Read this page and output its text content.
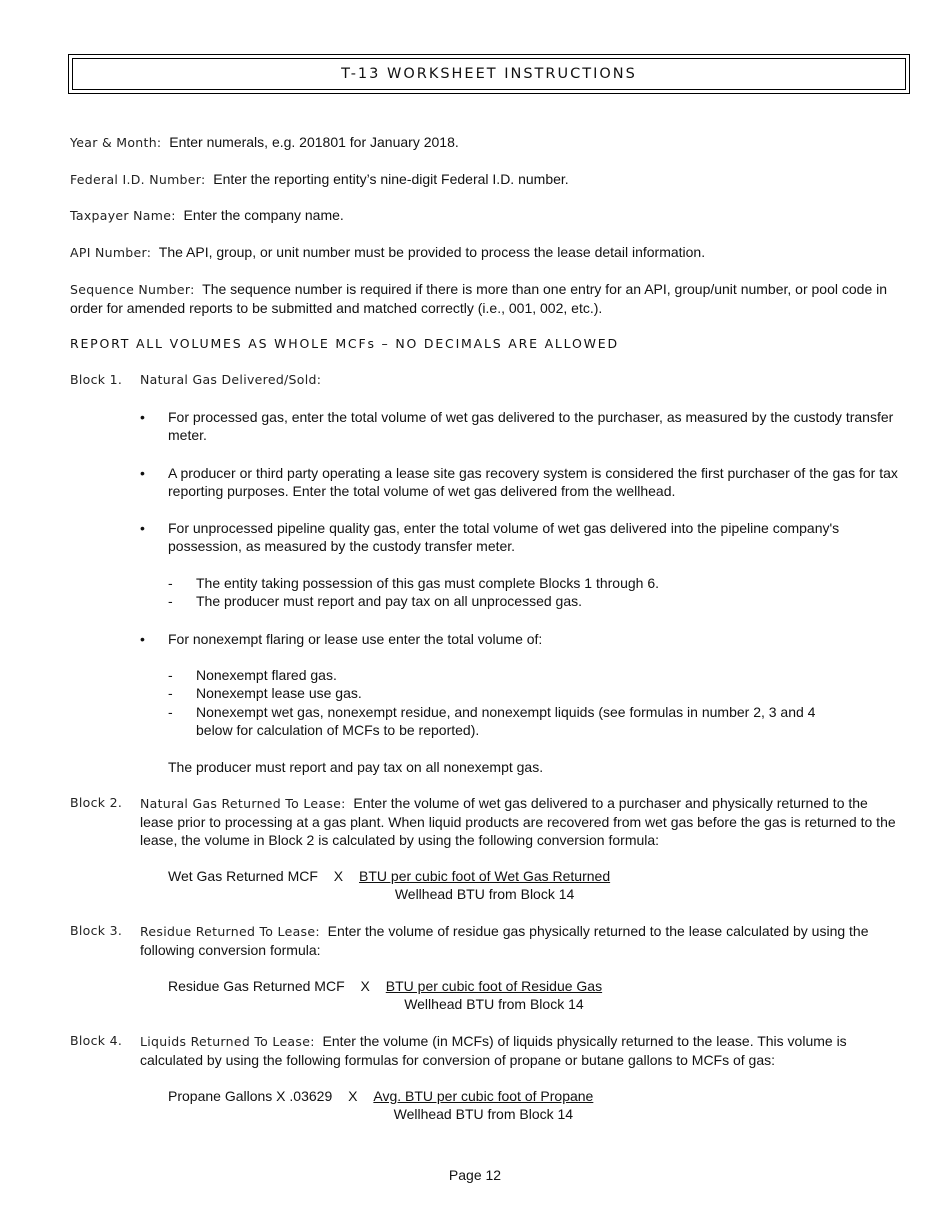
T-13 WORKSHEET INSTRUCTIONS

Year & Month: Enter numerals, e.g. 201801 for January 2018.

Federal I.D. Number: Enter the reporting entity’s nine-digit Federal I.D. number.

Taxpayer Name: Enter the company name.

API Number: The API, group, or unit number must be provided to process the lease detail information.

Sequence Number: The sequence number is required if there is more than one entry for an API, group/unit number, or pool code in order for amended reports to be submitted and matched correctly (i.e., 001, 002, etc.).

REPORT ALL VOLUMES AS WHOLE MCFs – NO DECIMALS ARE ALLOWED

Block 1.	Natural Gas Delivered/Sold:
• For processed gas, enter the total volume of wet gas delivered to the purchaser, as measured by the custody transfer meter.
• A producer or third party operating a lease site gas recovery system is considered the first purchaser of the gas for tax reporting purposes. Enter the total volume of wet gas delivered from the wellhead.
• For unprocessed pipeline quality gas, enter the total volume of wet gas delivered into the pipeline company's possession, as measured by the custody transfer meter.
- The entity taking possession of this gas must complete Blocks 1 through 6.
- The producer must report and pay tax on all unprocessed gas.
• For nonexempt flaring or lease use enter the total volume of:
- Nonexempt flared gas.
- Nonexempt lease use gas.
- Nonexempt wet gas, nonexempt residue, and nonexempt liquids (see formulas in number 2, 3 and 4 below for calculation of MCFs to be reported).

The producer must report and pay tax on all nonexempt gas.

Block 2.	Natural Gas Returned To Lease: Enter the volume of wet gas delivered to a purchaser and physically returned to the lease prior to processing at a gas plant. When liquid products are recovered from wet gas before the gas is returned to the lease, the volume in Block 2 is calculated by using the following conversion formula:
Wet Gas Returned MCF X BTU per cubic foot of Wet Gas Returned
Wellhead BTU from Block 14
Block 3.	Residue Returned To Lease: Enter the volume of residue gas physically returned to the lease calculated by using the following conversion formula:
Residue Gas Returned MCF X BTU per cubic foot of Residue Gas
Wellhead BTU from Block 14
Block 4.	Liquids Returned To Lease: Enter the volume (in MCFs) of liquids physically returned to the lease. This volume is calculated by using the following formulas for conversion of propane or butane gallons to MCFs of gas:
Propane Gallons X .03629 X Avg. BTU per cubic foot of Propane
Wellhead BTU from Block 14
Page 12
